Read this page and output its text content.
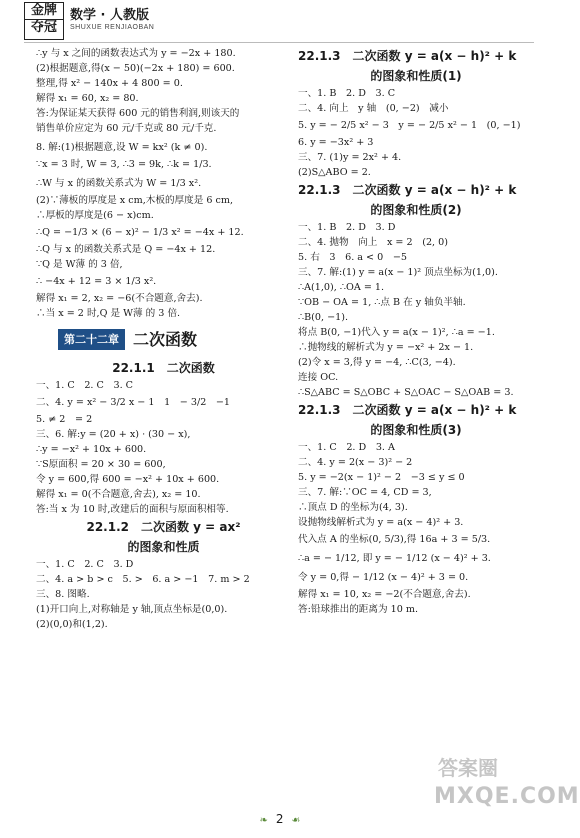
金牌
夺冠
数学 · 人教版
SHUXUE RENJIAOBAN
∴y 与 x 之间的函数表达式为 y = −2x + 180.
(2)根据题意,得(x − 50)(−2x + 180) = 600.
整理,得 x² − 140x + 4 800 = 0.
解得 x₁ = 60, x₂ = 80.
答:为保证某天获得 600 元的销售利润,则该天的
销售单价应定为 60 元/千克或 80 元/千克.
8. 解:(1)根据题意,设 W = kx² (k ≠ 0).
∵x = 3 时, W = 3, ∴3 = 9k, ∴k = 1/3.
∴W 与 x 的函数关系式为 W = 1/3 x².
(2)∵薄板的厚度是 x cm,木板的厚度是 6 cm,
∴厚板的厚度是(6 − x)cm.
∴Q = −1/3 × (6 − x)² − 1/3 x² = −4x + 12.
∴Q 与 x 的函数关系式是 Q = −4x + 12.
∵Q 是 W薄 的 3 倍,
∴ −4x + 12 = 3 × 1/3 x².
解得 x₁ = 2, x₂ = −6(不合题意,舍去).
∴当 x = 2 时,Q 是 W薄 的 3 倍.
第二十二章 二次函数
22.1.1　二次函数
一、1. C　2. C　3. C
二、4. y = x² − 3/2 x − 1　1　− 3/2　−1
5. ≠ 2　= 2
三、6. 解:y = (20 + x) · (30 − x),
∴y = −x² + 10x + 600.
∵S原面积 = 20 × 30 = 600,
令 y = 600,得 600 = −x² + 10x + 600.
解得 x₁ = 0(不合题意,舍去), x₂ = 10.
答:当 x 为 10 时,改建后的面积与原面积相等.
22.1.2　二次函数 y = ax²
的图象和性质
一、1. C　2. C　3. D
二、4. a > b > c　5. >　6. a > −1　7. m > 2
三、8. 图略.
(1)开口向上,对称轴是 y 轴,顶点坐标是(0,0).
(2)(0,0)和(1,2).
22.1.3　二次函数 y = a(x − h)² + k
的图象和性质(1)
一、1. B　2. D　3. C
二、4. 向上　y 轴　(0, −2)　减小
5. y = − 2/5 x² − 3　y = − 2/5 x² − 1　(0, −1)
6. y = −3x² + 3
三、7. (1)y = 2x² + 4.
(2)S△ABO = 2.
22.1.3　二次函数 y = a(x − h)² + k
的图象和性质(2)
一、1. B　2. D　3. D
二、4. 抛物　向上　x = 2　(2, 0)
5. 右　3　6. a < 0　−5
三、7. 解:(1) y = a(x − 1)² 顶点坐标为(1,0).
∴A(1,0), ∴OA = 1.
∵OB − OA = 1, ∴点 B 在 y 轴负半轴.
∴B(0, −1).
将点 B(0, −1)代入 y = a(x − 1)², ∴a = −1.
∴抛物线的解析式为 y = −x² + 2x − 1.
(2)令 x = 3,得 y = −4, ∴C(3, −4).
连接 OC.
∴S△ABC = S△OBC + S△OAC − S△OAB = 3.
22.1.3　二次函数 y = a(x − h)² + k
的图象和性质(3)
一、1. C　2. D　3. A
二、4. y = 2(x − 3)² − 2
5. y = −2(x − 1)² − 2　−3 ≤ y ≤ 0
三、7. 解:∵OC = 4, CD = 3,
∴顶点 D 的坐标为(4, 3).
设抛物线解析式为 y = a(x − 4)² + 3.
代入点 A 的坐标(0, 5/3),得 16a + 3 = 5/3.
∴a = − 1/12, 即 y = − 1/12 (x − 4)² + 3.
令 y = 0,得 − 1/12 (x − 4)² + 3 = 0.
解得 x₁ = 10, x₂ = −2(不合题意,舍去).
答:铅球推出的距离为 10 m.
答案圈
MXQE.COM
❧ 2 ☙
